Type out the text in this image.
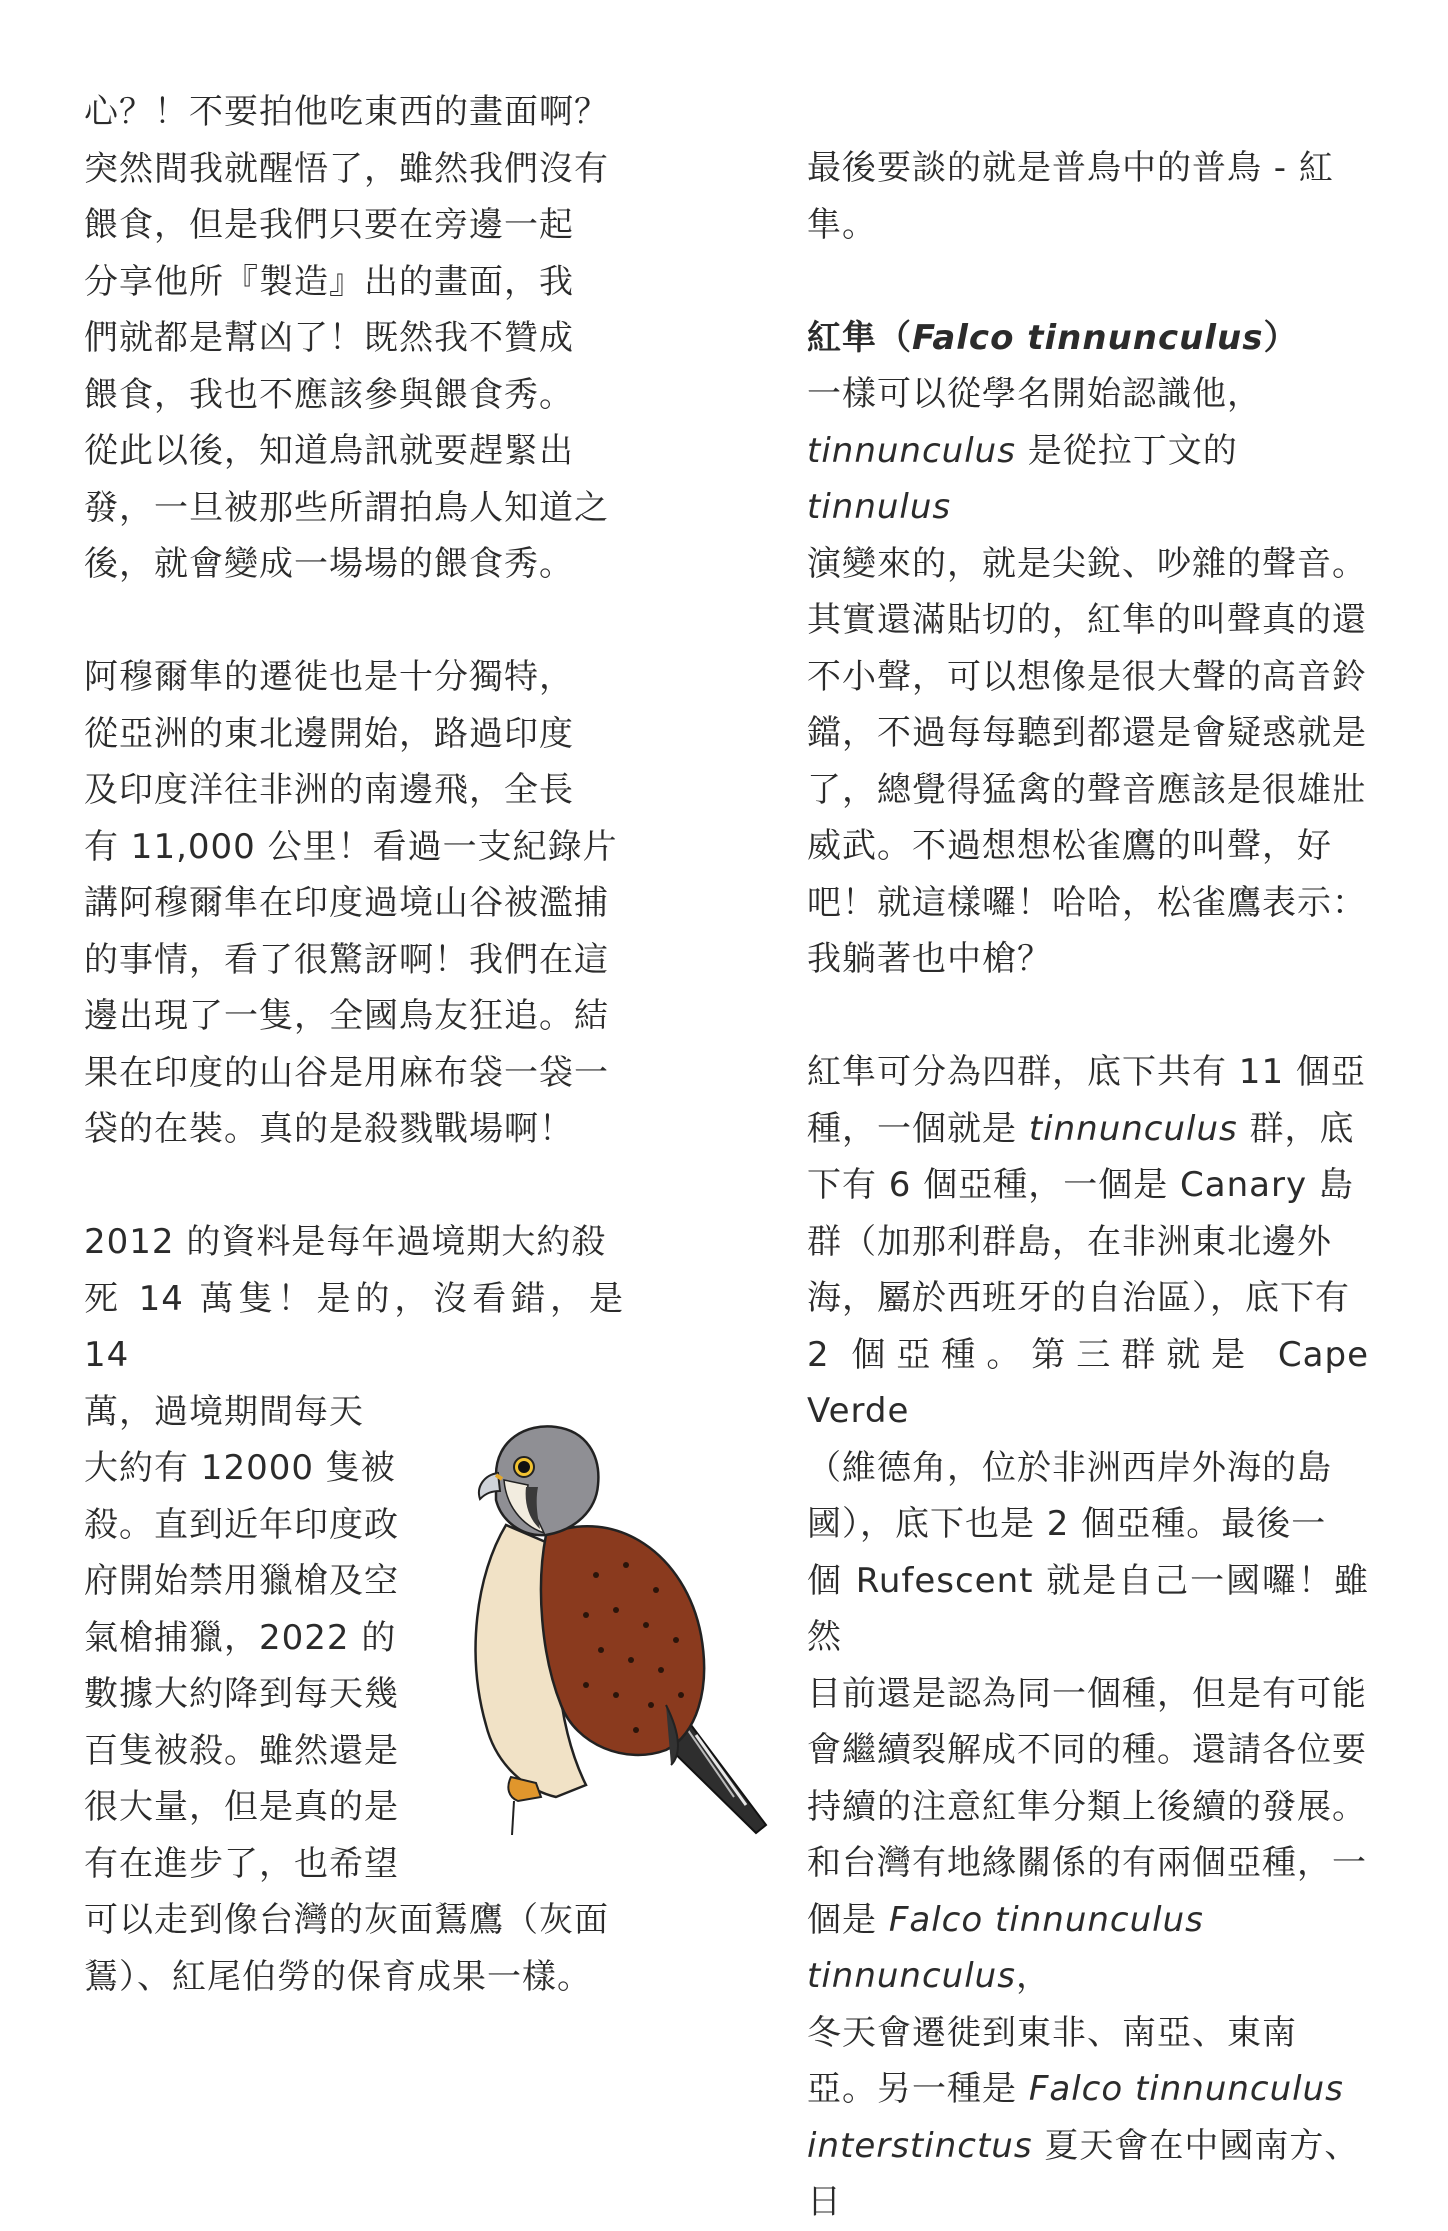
心？！不要拍他吃東西的畫面啊？

突然間我就醒悟了，雖然我們沒有

餵食，但是我們只要在旁邊一起

分享他所『製造』出的畫面，我

們就都是幫凶了！既然我不贊成

餵食，我也不應該參與餵食秀。

從此以後，知道鳥訊就要趕緊出

發，一旦被那些所謂拍鳥人知道之

後，就會變成一場場的餵食秀。

阿穆爾隼的遷徙也是十分獨特，

從亞洲的東北邊開始，路過印度

及印度洋往非洲的南邊飛，全長

有 11,000 公里！看過一支紀錄片

講阿穆爾隼在印度過境山谷被濫捕

的事情，看了很驚訝啊！我們在這

邊出現了一隻，全國鳥友狂追。結

果在印度的山谷是用麻布袋一袋一

袋的在裝。真的是殺戮戰場啊！

2012 的資料是每年過境期大約殺

死 14 萬隻！是的，沒看錯，是 14

萬，過境期間每天

大約有 12000 隻被

殺。直到近年印度政

府開始禁用獵槍及空

氣槍捕獵，2022 的

數據大約降到每天幾

百隻被殺。雖然還是

很大量，但是真的是

有在進步了，也希望

可以走到像台灣的灰面鵟鷹（灰面

鵟）、紅尾伯勞的保育成果一樣。

最後要談的就是普鳥中的普鳥 - 紅

隼。

紅隼（Falco tinnunculus）

一樣可以從學名開始認識他，

tinnunculus 是從拉丁文的 tinnulus

演變來的，就是尖銳、吵雜的聲音。

其實還滿貼切的，紅隼的叫聲真的還

不小聲，可以想像是很大聲的高音鈴

鐺，不過每每聽到都還是會疑惑就是

了，總覺得猛禽的聲音應該是很雄壯

威武。不過想想松雀鷹的叫聲，好

吧！就這樣囉！哈哈，松雀鷹表示：

我躺著也中槍？

紅隼可分為四群，底下共有 11 個亞

種，一個就是 tinnunculus 群，底

下有 6 個亞種，一個是 Canary 島

群（加那利群島，在非洲東北邊外

海，屬於西班牙的自治區），底下有

2 個亞種。第三群就是 Cape Verde

（維德角，位於非洲西岸外海的島

國），底下也是 2 個亞種。最後一

個 Rufescent 就是自己一國囉！雖然

目前還是認為同一個種，但是有可能

會繼續裂解成不同的種。還請各位要

持續的注意紅隼分類上後續的發展。

和台灣有地緣關係的有兩個亞種，一

個是 Falco tinnunculus tinnunculus，

冬天會遷徙到東非、南亞、東南

亞。另一種是 Falco tinnunculus

interstinctus 夏天會在中國南方、日
